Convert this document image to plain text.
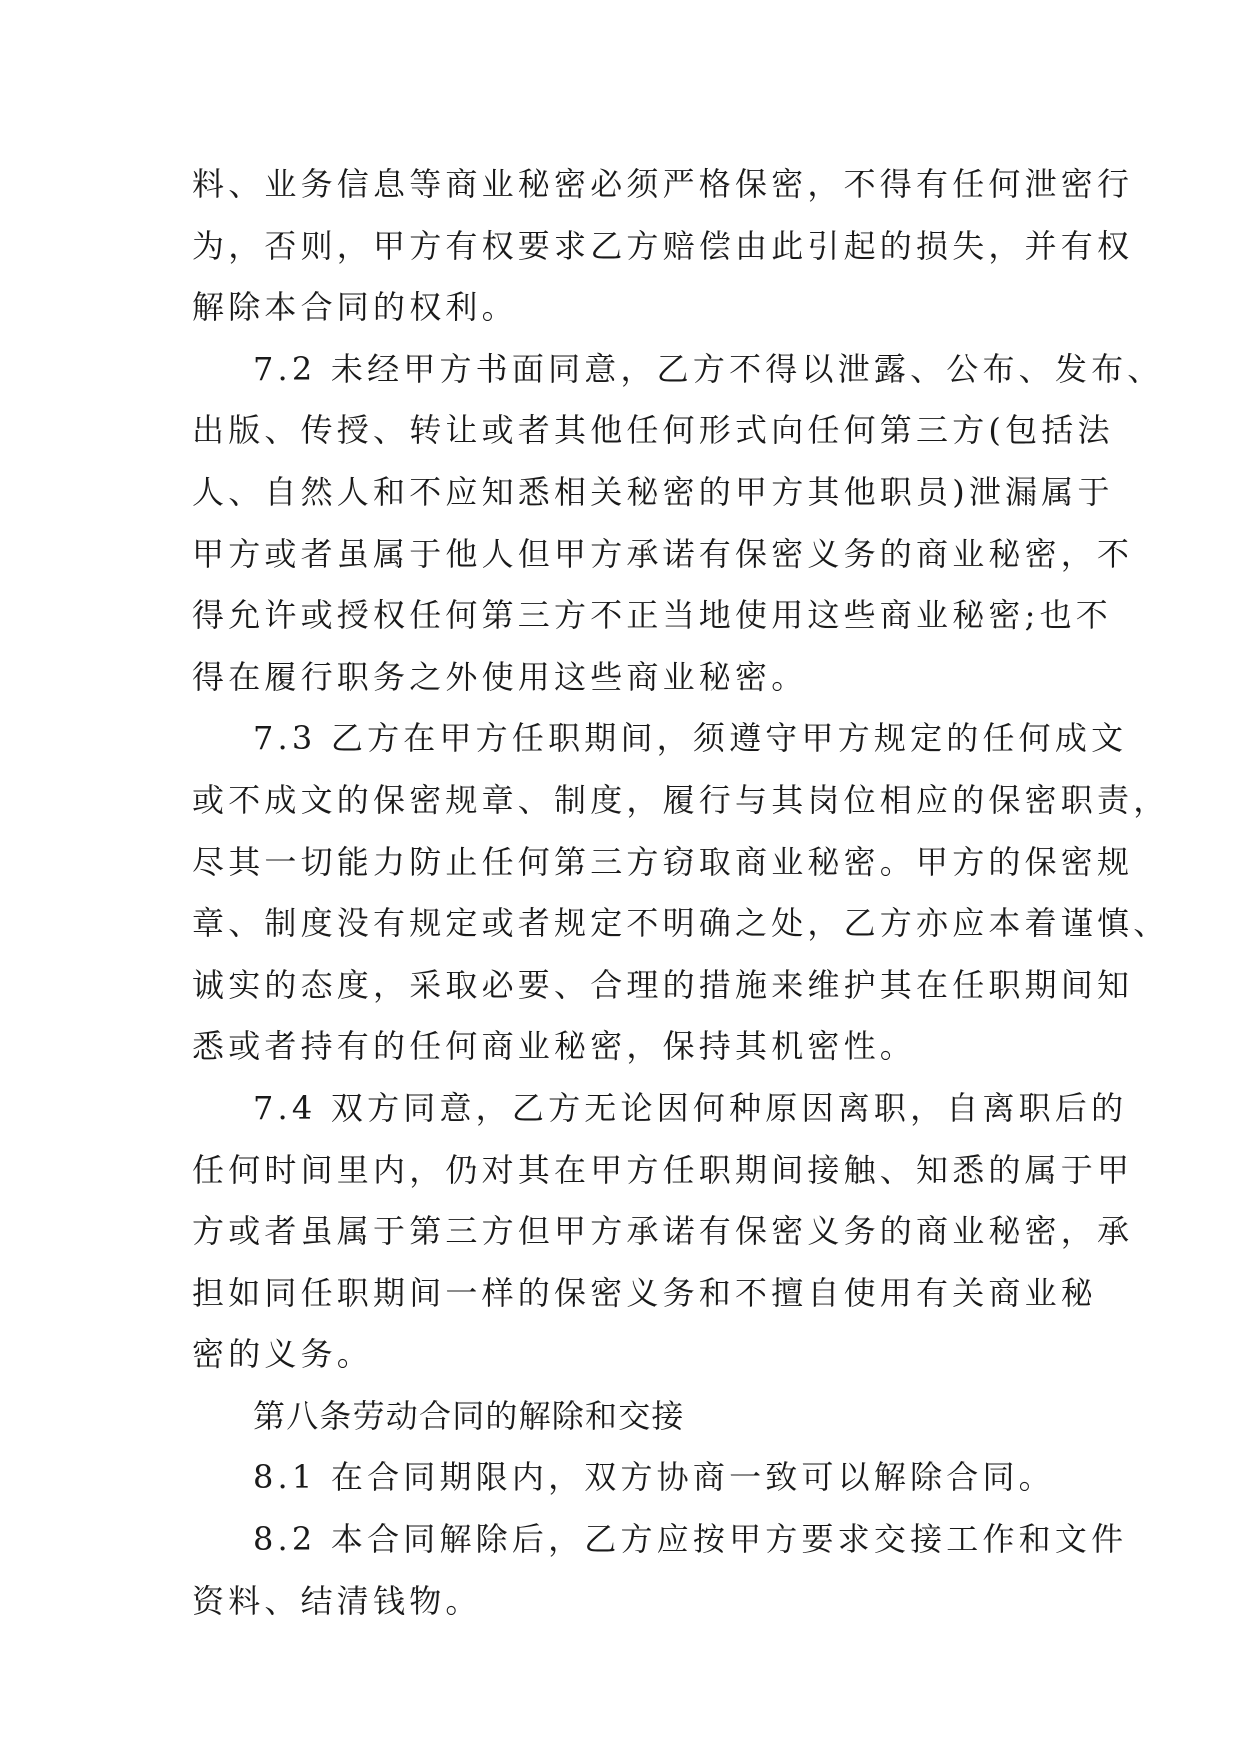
料、业务信息等商业秘密必须严格保密，不得有任何泄密行
为，否则，甲方有权要求乙方赔偿由此引起的损失，并有权
解除本合同的权利。
7.2 未经甲方书面同意，乙方不得以泄露、公布、发布、
出版、传授、转让或者其他任何形式向任何第三方(包括法
人、自然人和不应知悉相关秘密的甲方其他职员)泄漏属于
甲方或者虽属于他人但甲方承诺有保密义务的商业秘密，不
得允许或授权任何第三方不正当地使用这些商业秘密;也不
得在履行职务之外使用这些商业秘密。
7.3 乙方在甲方任职期间，须遵守甲方规定的任何成文
或不成文的保密规章、制度，履行与其岗位相应的保密职责，
尽其一切能力防止任何第三方窃取商业秘密。甲方的保密规
章、制度没有规定或者规定不明确之处，乙方亦应本着谨慎、
诚实的态度，采取必要、合理的措施来维护其在任职期间知
悉或者持有的任何商业秘密，保持其机密性。
7.4 双方同意，乙方无论因何种原因离职，自离职后的
任何时间里内，仍对其在甲方任职期间接触、知悉的属于甲
方或者虽属于第三方但甲方承诺有保密义务的商业秘密，承
担如同任职期间一样的保密义务和不擅自使用有关商业秘
密的义务。
第八条劳动合同的解除和交接
8.1 在合同期限内，双方协商一致可以解除合同。
8.2 本合同解除后，乙方应按甲方要求交接工作和文件
资料、结清钱物。
